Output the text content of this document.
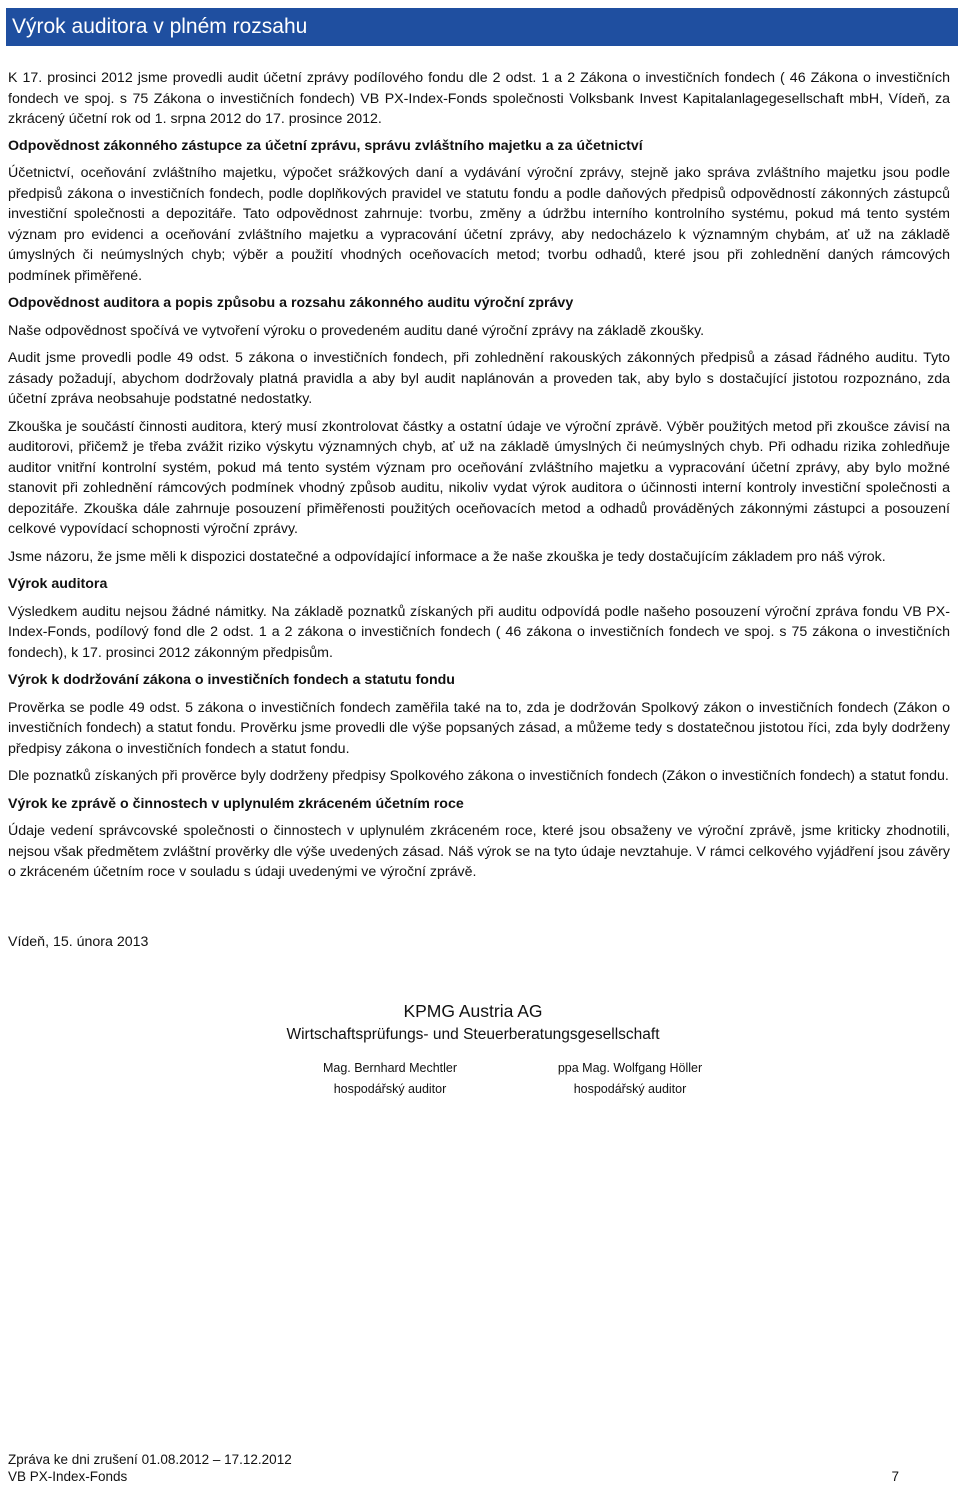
Výrok auditora v plném rozsahu

K 17. prosinci 2012 jsme provedli audit účetní zprávy podílového fondu dle 2 odst. 1 a 2 Zákona o investičních fondech ( 46 Zákona o investičních fondech ve spoj. s 75 Zákona o investičních fondech) VB PX-Index-Fonds společnosti Volksbank Invest Kapitalanlagegesellschaft mbH, Vídeň, za zkrácený účetní rok od 1. srpna 2012 do 17. prosince 2012.

Odpovědnost zákonného zástupce za účetní zprávu, správu zvláštního majetku a za účetnictví

Účetnictví, oceňování zvláštního majetku, výpočet srážkových daní a vydávání výroční zprávy, stejně jako správa zvláštního majetku jsou podle předpisů zákona o investičních fondech, podle doplňkových pravidel ve statutu fondu a podle daňových předpisů odpovědností zákonných zástupců investiční společnosti a depozitáře. Tato odpovědnost zahrnuje: tvorbu, změny a údržbu interního kontrolního systému, pokud má tento systém význam pro evidenci a oceňování zvláštního majetku a vypracování účetní zprávy, aby nedocházelo k významným chybám, ať už na základě úmyslných či neúmyslných chyb; výběr a použití vhodných oceňovacích metod; tvorbu odhadů, které jsou při zohlednění daných rámcových podmínek přiměřené.

Odpovědnost auditora a popis způsobu a rozsahu zákonného auditu výroční zprávy

Naše odpovědnost spočívá ve vytvoření výroku o provedeném auditu dané výroční zprávy na základě zkoušky.

Audit jsme provedli podle 49 odst. 5 zákona o investičních fondech, při zohlednění rakouských zákonných předpisů a zásad řádného auditu. Tyto zásady požadují, abychom dodržovaly platná pravidla a aby byl audit naplánován a proveden tak, aby bylo s dostačující jistotou rozpoznáno, zda účetní zpráva neobsahuje podstatné nedostatky.

Zkouška je součástí činnosti auditora, který musí zkontrolovat částky a ostatní údaje ve výroční zprávě. Výběr použitých metod při zkoušce závisí na auditorovi, přičemž je třeba zvážit riziko výskytu významných chyb, ať už na základě úmyslných či neúmyslných chyb. Při odhadu rizika zohledňuje auditor vnitřní kontrolní systém, pokud má tento systém význam pro oceňování zvláštního majetku a vypracování účetní zprávy, aby bylo možné stanovit při zohlednění rámcových podmínek vhodný způsob auditu, nikoliv vydat výrok auditora o účinnosti interní kontroly investiční společnosti a depozitáře. Zkouška dále zahrnuje posouzení přiměřenosti použitých oceňovacích metod a odhadů prováděných zákonnými zástupci a posouzení celkové vypovídací schopnosti výroční zprávy.

Jsme názoru, že jsme měli k dispozici dostatečné a odpovídající informace a že naše zkouška je tedy dostačujícím základem pro náš výrok.

Výrok auditora

Výsledkem auditu nejsou žádné námitky. Na základě poznatků získaných při auditu odpovídá podle našeho posouzení výroční zpráva fondu VB PX-Index-Fonds, podílový fond dle 2 odst. 1 a 2 zákona o investičních fondech ( 46 zákona o investičních fondech ve spoj. s 75 zákona o investičních fondech), k 17. prosinci 2012 zákonným předpisům.

Výrok k dodržování zákona o investičních fondech a statutu fondu

Prověrka se podle 49 odst. 5 zákona o investičních fondech zaměřila také na to, zda je dodržován Spolkový zákon o investičních fondech (Zákon o investičních fondech) a statut fondu. Prověrku jsme provedli dle výše popsaných zásad, a můžeme tedy s dostatečnou jistotou říci, zda byly dodrženy předpisy zákona o investičních fondech a statut fondu.

Dle poznatků získaných při prověrce byly dodrženy předpisy Spolkového zákona o investičních fondech (Zákon o investičních fondech) a statut fondu.

Výrok ke zprávě o činnostech v uplynulém zkráceném účetním roce

Údaje vedení správcovské společnosti o činnostech v uplynulém zkráceném roce, které jsou obsaženy ve výroční zprávě, jsme kriticky zhodnotili, nejsou však předmětem zvláštní prověrky dle výše uvedených zásad. Náš výrok se na tyto údaje nevztahuje. V rámci celkového vyjádření jsou závěry o zkráceném účetním roce v souladu s údaji uvedenými ve výroční zprávě.

Vídeň, 15. února 2013

KPMG Austria AG
Wirtschaftsprüfungs- und Steuerberatungsgesellschaft
Mag. Bernhard Mechtler
hospodářský auditor
ppa Mag. Wolfgang Höller
hospodářský auditor
Zpráva ke dni zrušení 01.08.2012 – 17.12.2012
VB PX-Index-Fonds	7
